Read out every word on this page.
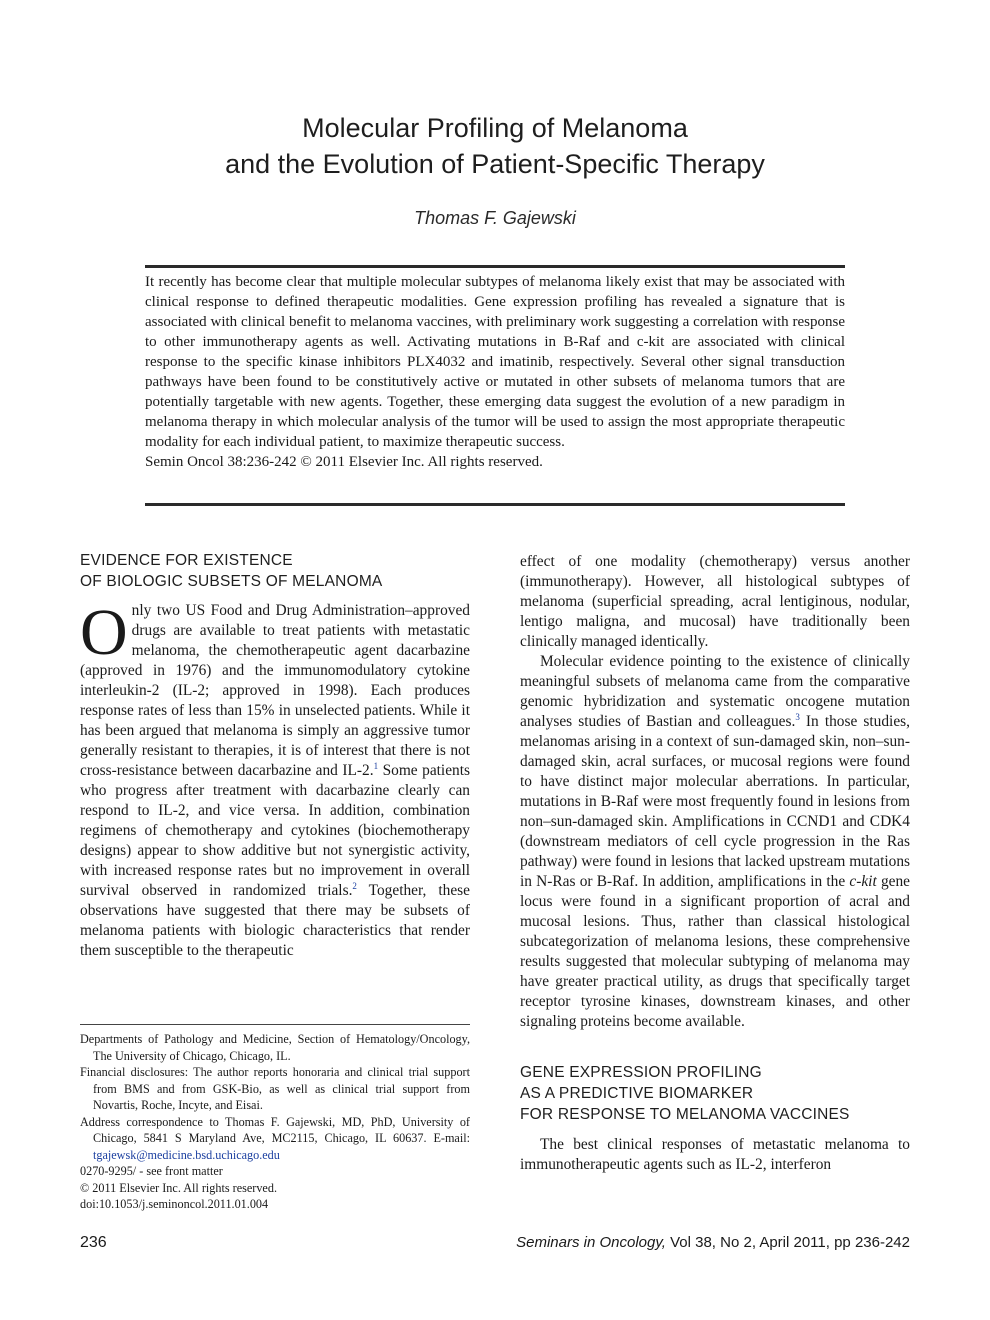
Molecular Profiling of Melanoma
and the Evolution of Patient-Specific Therapy
Thomas F. Gajewski

It recently has become clear that multiple molecular subtypes of melanoma likely exist that may be associated with clinical response to defined therapeutic modalities. Gene expression profiling has revealed a signature that is associated with clinical benefit to melanoma vaccines, with preliminary work suggesting a correlation with response to other immunotherapy agents as well. Activating mutations in B-Raf and c-kit are associated with clinical response to the specific kinase inhibitors PLX4032 and imatinib, respectively. Several other signal transduction pathways have been found to be constitutively active or mutated in other subsets of melanoma tumors that are potentially targetable with new agents. Together, these emerging data suggest the evolution of a new paradigm in melanoma therapy in which molecular analysis of the tumor will be used to assign the most appropriate therapeutic modality for each individual patient, to maximize therapeutic success.

Semin Oncol 38:236-242 © 2011 Elsevier Inc. All rights reserved.

EVIDENCE FOR EXISTENCE
OF BIOLOGIC SUBSETS OF MELANOMA

Only two US Food and Drug Administration–approved drugs are available to treat patients with metastatic melanoma, the chemotherapeutic agent dacarbazine (approved in 1976) and the immunomodulatory cytokine interleukin-2 (IL-2; approved in 1998). Each produces response rates of less than 15% in unselected patients. While it has been argued that melanoma is simply an aggressive tumor generally resistant to therapies, it is of interest that there is not cross-resistance between dacarbazine and IL-2.$^1$ Some patients who progress after treatment with dacarbazine clearly can respond to IL-2, and vice versa. In addition, combination regimens of chemotherapy and cytokines (biochemotherapy designs) appear to show additive but not synergistic activity, with increased response rates but no improvement in overall survival observed in randomized trials.$^2$ Together, these observations have suggested that there may be subsets of melanoma patients with biologic characteristics that render them susceptible to the therapeutic

Departments of Pathology and Medicine, Section of Hematology/Oncology, The University of Chicago, Chicago, IL.

Financial disclosures: The author reports honoraria and clinical trial support from BMS and from GSK-Bio, as well as clinical trial support from Novartis, Roche, Incyte, and Eisai.

Address correspondence to Thomas F. Gajewski, MD, PhD, University of Chicago, 5841 S Maryland Ave, MC2115, Chicago, IL 60637. E-mail: tgajewsk@medicine.bsd.uchicago.edu

0270-9295/ - see front matter

© 2011 Elsevier Inc. All rights reserved.

doi:10.1053/j.seminoncol.2011.01.004

effect of one modality (chemotherapy) versus another (immunotherapy). However, all histological subtypes of melanoma (superficial spreading, acral lentiginous, nodular, lentigo maligna, and mucosal) have traditionally been clinically managed identically.

Molecular evidence pointing to the existence of clinically meaningful subsets of melanoma came from the comparative genomic hybridization and systematic oncogene mutation analyses studies of Bastian and colleagues.$^3$ In those studies, melanomas arising in a context of sun-damaged skin, non–sun-damaged skin, acral surfaces, or mucosal regions were found to have distinct major molecular aberrations. In particular, mutations in B-Raf were most frequently found in lesions from non–sun-damaged skin. Amplifications in CCND1 and CDK4 (downstream mediators of cell cycle progression in the Ras pathway) were found in lesions that lacked upstream mutations in N-Ras or B-Raf. In addition, amplifications in the c-kit gene locus were found in a significant proportion of acral and mucosal lesions. Thus, rather than classical histological subcategorization of melanoma lesions, these comprehensive results suggested that molecular subtyping of melanoma may have greater practical utility, as drugs that specifically target receptor tyrosine kinases, downstream kinases, and other signaling proteins become available.

GENE EXPRESSION PROFILING
AS A PREDICTIVE BIOMARKER
FOR RESPONSE TO MELANOMA VACCINES

The best clinical responses of metastatic melanoma to immunotherapeutic agents such as IL-2, interferon

236	Seminars in Oncology, Vol 38, No 2, April 2011, pp 236-242
